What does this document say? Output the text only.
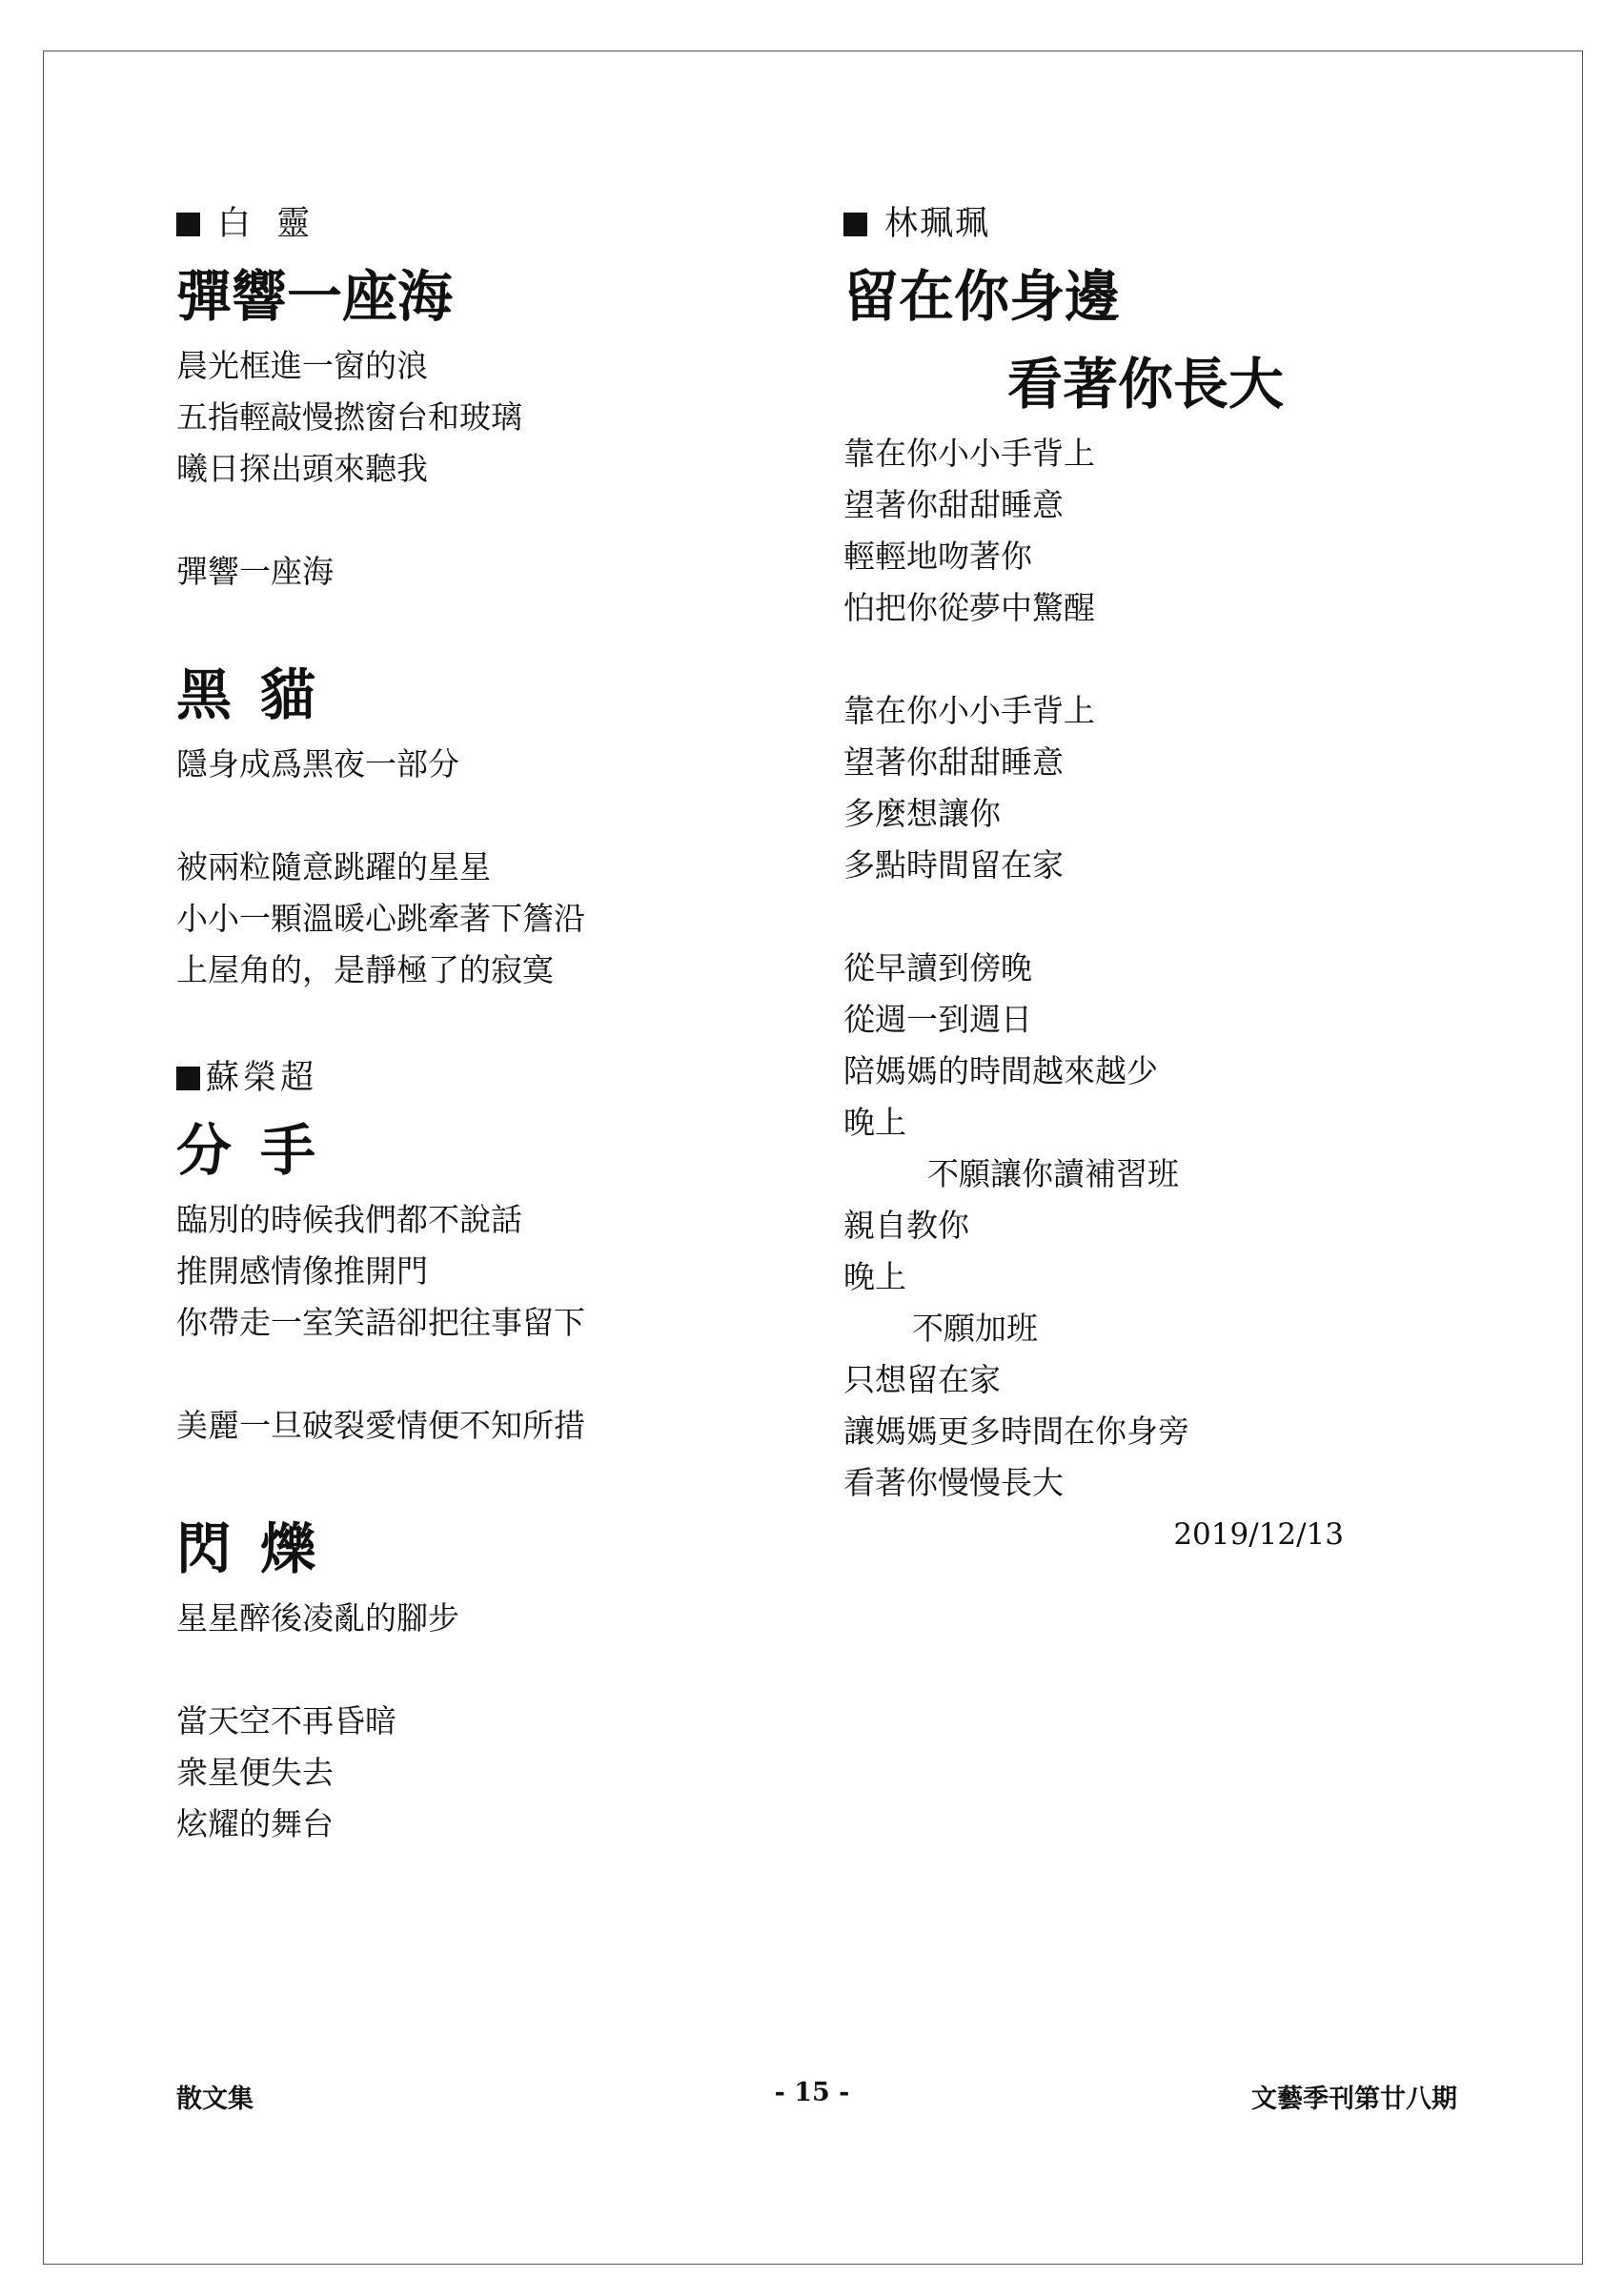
白 靈
彈響一座海
晨光框進一窗的浪
五指輕敲慢撚窗台和玻璃
曦日探出頭來聽我
彈響一座海
黑貓
隱身成爲黑夜一部分
被兩粒隨意跳躍的星星
小小一顆溫暖心跳牽著下簷沿
上屋角的，是靜極了的寂寞
蘇榮超
分手
臨別的時候我們都不說話
推開感情像推開門
你帶走一室笑語卻把往事留下
美麗一旦破裂愛情便不知所措
閃爍
星星醉後凌亂的腳步
當天空不再昏暗
衆星便失去
炫耀的舞台
林珮珮
留在你身邊
看著你長大
靠在你小小手背上
望著你甜甜睡意
輕輕地吻著你
怕把你從夢中驚醒
靠在你小小手背上
望著你甜甜睡意
多麼想讓你
多點時間留在家
從早讀到傍晚
從週一到週日
陪媽媽的時間越來越少
晚上
不願讓你讀補習班
親自教你
晚上
不願加班
只想留在家
讓媽媽更多時間在你身旁
看著你慢慢長大
2019/12/13
散文集	- 15 -	文藝季刊第廿八期
